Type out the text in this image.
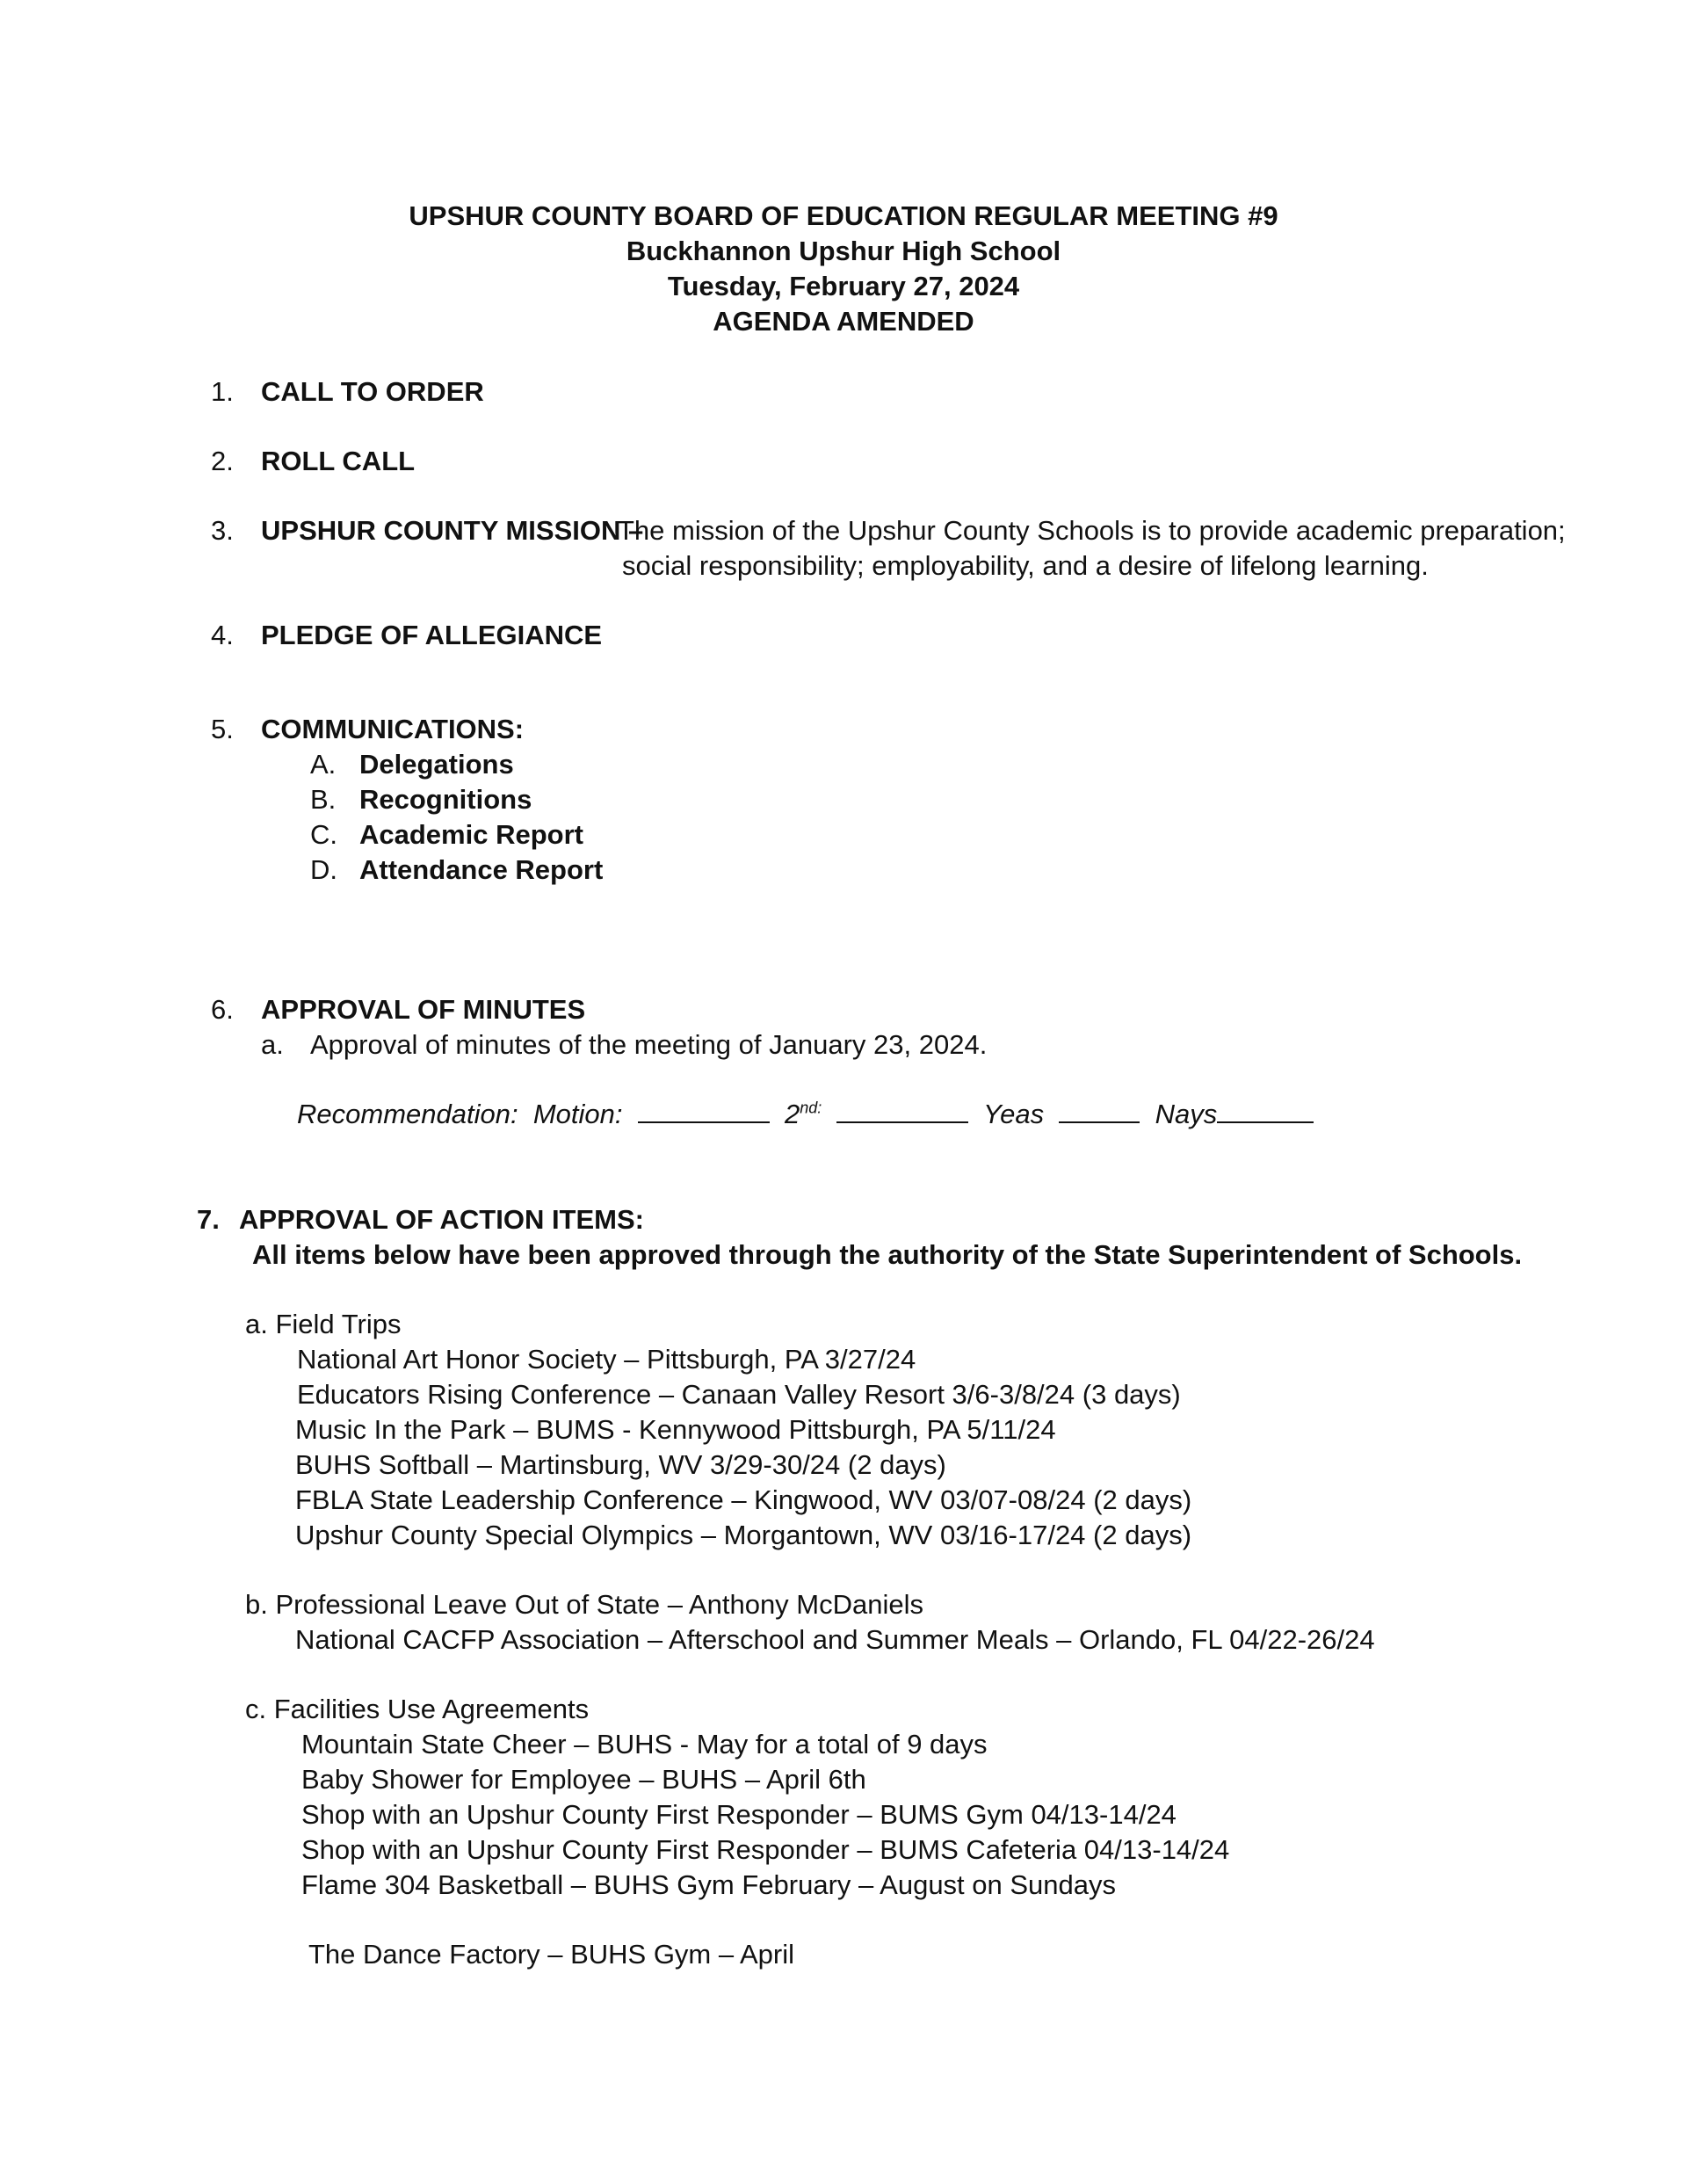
UPSHUR COUNTY BOARD OF EDUCATION REGULAR MEETING #9
Buckhannon Upshur High School
Tuesday, February 27, 2024
AGENDA AMENDED
1. CALL TO ORDER
2. ROLL CALL
3. UPSHUR COUNTY MISSION –
The mission of the Upshur County Schools is to provide academic preparation;
social responsibility; employability, and a desire of lifelong learning.
4. PLEDGE OF ALLEGIANCE
5. COMMUNICATIONS:
A. Delegations
B. Recognitions
C. Academic Report
D. Attendance Report
6. APPROVAL OF MINUTES
a. Approval of minutes of the meeting of January 23, 2024.
Recommendation: Motion:	$2^{nd:}$	Yeas	Nays
7. APPROVAL OF ACTION ITEMS:
All items below have been approved through the authority of the State Superintendent of Schools.
a. Field Trips
National Art Honor Society – Pittsburgh, PA 3/27/24
Educators Rising Conference – Canaan Valley Resort 3/6-3/8/24 (3 days)
Music In the Park – BUMS - Kennywood Pittsburgh, PA 5/11/24
BUHS Softball – Martinsburg, WV 3/29-30/24 (2 days)
FBLA State Leadership Conference – Kingwood, WV 03/07-08/24 (2 days)
Upshur County Special Olympics – Morgantown, WV 03/16-17/24 (2 days)
b. Professional Leave Out of State – Anthony McDaniels
National CACFP Association – Afterschool and Summer Meals – Orlando, FL 04/22-26/24
c. Facilities Use Agreements
Mountain State Cheer – BUHS - May for a total of 9 days
Baby Shower for Employee – BUHS – April 6th
Shop with an Upshur County First Responder – BUMS Gym 04/13-14/24
Shop with an Upshur County First Responder – BUMS Cafeteria 04/13-14/24
Flame 304 Basketball – BUHS Gym February – August on Sundays
The Dance Factory – BUHS Gym – April
